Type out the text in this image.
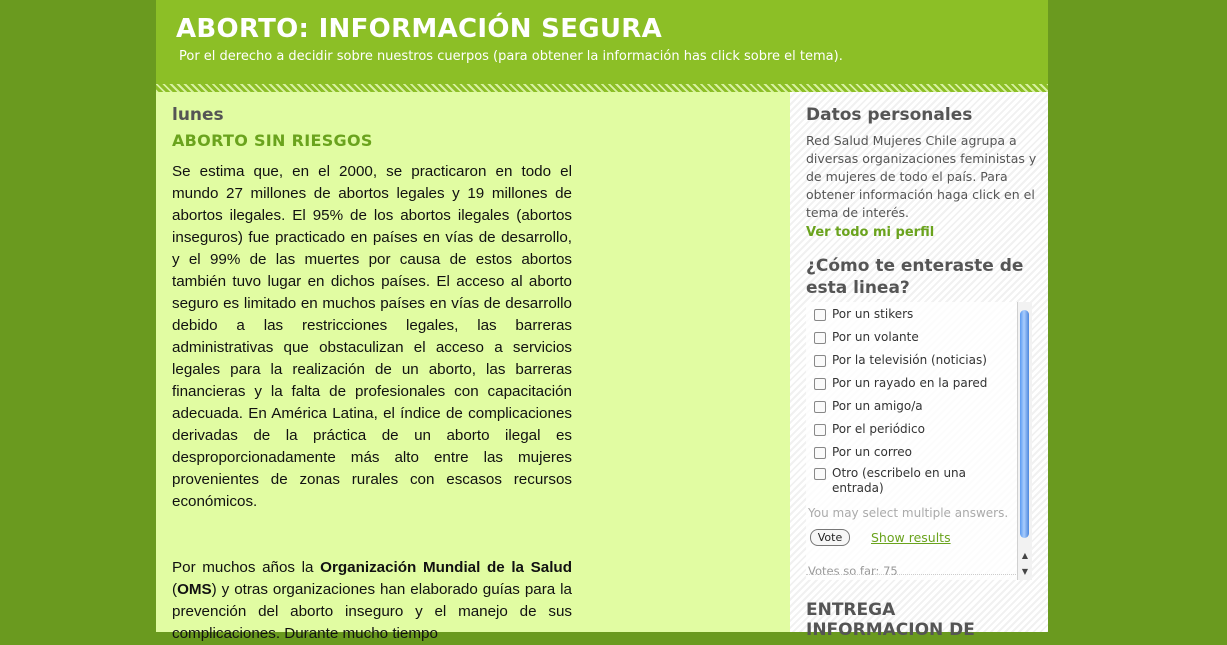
ABORTO: INFORMACIÓN SEGURA

Por el derecho a decidir sobre nuestros cuerpos (para obtener la información has click sobre el tema).

lunes
ABORTO SIN RIESGOS

Se estima que, en el 2000, se practicaron en todo el mundo 27 millones de abortos legales y 19 millones de abortos ilegales. El 95% de los abortos ilegales (abortos inseguros) fue practicado en países en vías de desarrollo, y el 99% de las muertes por causa de estos abortos también tuvo lugar en dichos países. El acceso al aborto seguro es limitado en muchos países en vías de desarrollo debido a las restricciones legales, las barreras administrativas que obstaculizan el acceso a servicios legales para la realización de un aborto, las barreras financieras y la falta de profesionales con capacitación adecuada. En América Latina, el índice de complicaciones derivadas de la práctica de un aborto ilegal es desproporcionadamente más alto entre las mujeres provenientes de zonas rurales con escasos recursos económicos.

Por muchos años la Organización Mundial de la Salud (OMS) y otras organizaciones han elaborado guías para la prevención del aborto inseguro y el manejo de sus complicaciones. Durante mucho tiempo

Datos personales

Red Salud Mujeres Chile agrupa a diversas organizaciones feministas y de mujeres de todo el país. Para obtener información haga click en el tema de interés.

Ver todo mi perfil
¿Cómo te enteraste de esta linea?
Por un stikers
Por un volante
Por la televisión (noticias)
Por un rayado en la pared
Por un amigo/a
Por el periódico
Por un correo
Otro (escribelo en una entrada)
You may select multiple answers.
Vote	Show results
Votes so far: 75
▲
▼
ENTREGA INFORMACION DE
